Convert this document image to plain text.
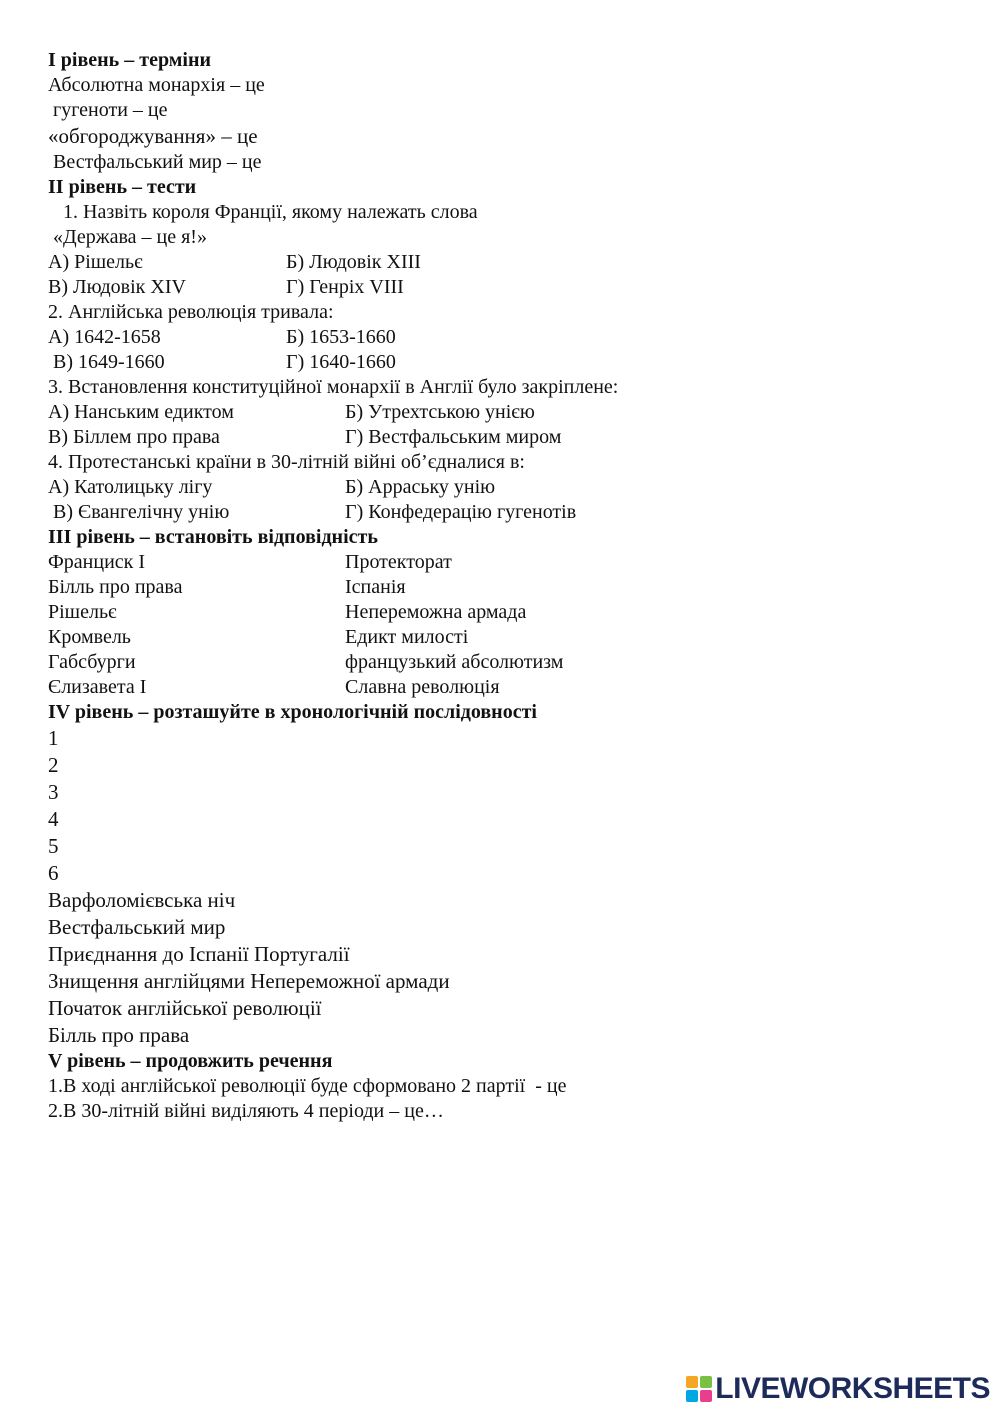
І рівень – терміни
Абсолютна монархія – це
гугеноти – це
«обгороджування» – це
Вестфальський мир – це
ІІ рівень – тести
1. Назвіть короля Франції, якому належать слова
«Держава – це я!»
А) Рішельє	Б) Людовік ХІІІ
В) Людовік ХІV	Г) Генріх VІІІ
2. Англійська революція тривала:
А) 1642-1658	Б) 1653-1660
В) 1649-1660	Г) 1640-1660
3. Встановлення конституційної монархії в Англії було закріплене:
А) Нанським едиктом	Б) Утрехтською унією
В) Біллем про права	Г) Вестфальським миром
4. Протестанські країни в 30-літній війні об’єдналися в:
А) Католицьку лігу	Б) Арраську унію
В) Євангелічну унію	Г) Конфедерацію гугенотів
ІІІ рівень – встановіть відповідність
Франциск І	Протекторат
Білль про права	Іспанія
Рішельє	Непереможна армада
Кромвель	Едикт милості
Габсбурги	французький абсолютизм
Єлизавета І	Славна революція
ІV рівень – розташуйте в хронологічній послідовності
1
2
3
4
5
6
Варфоломієвська ніч
Вестфальський мир
Приєднання до Іспанії Португалії
Знищення англійцями Непереможної армади
Початок англійської революції
Білль про права
V рівень – продовжить речення
1.В ході англійської революції буде сформовано 2 партії  - це
2.В 30-літній війні виділяють 4 періоди – це…
LIVEWORKSHEETS
